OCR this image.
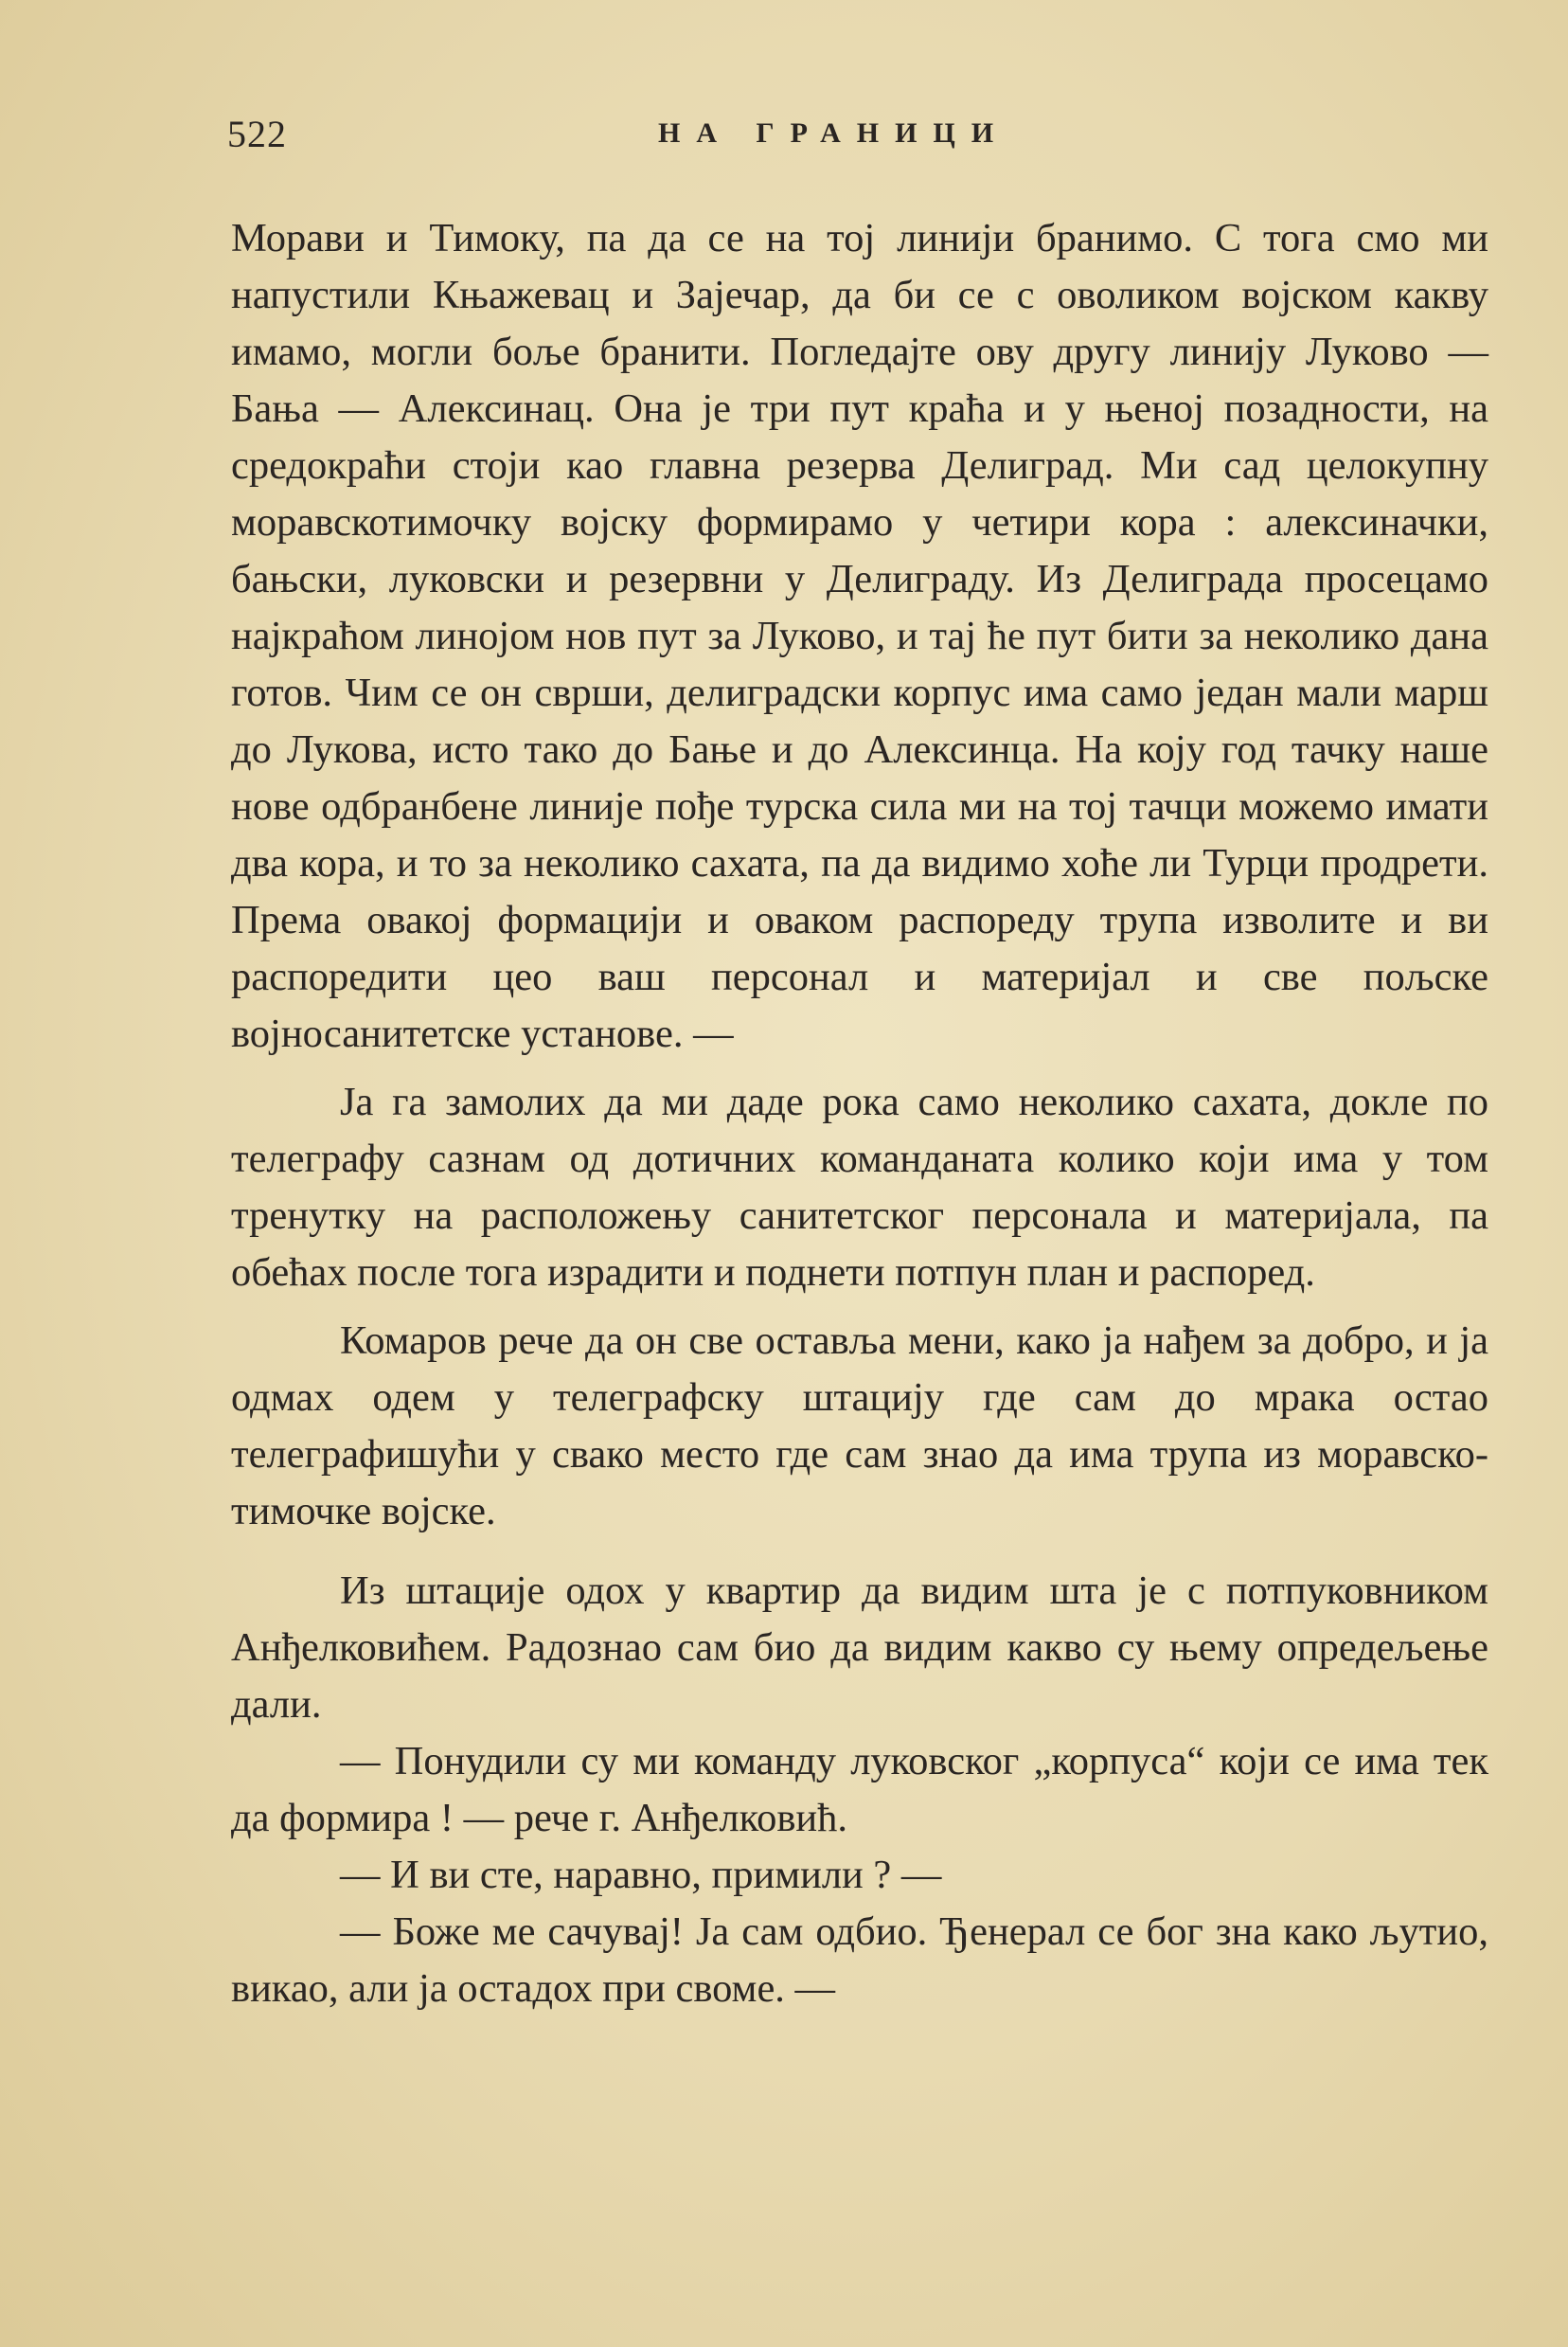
522	НА ГРАНИЦИ

Морави и Тимоку, па да се на тој линији бранимо. С тога смо ми напустили Књажевац и Зајечар, да би се с оволиком војском какву имамо, могли боље бранити. Погледајте ову другу линију Луково — Бања — Алексинац. Она је три пут краћа и у њеној позадности, на средокраћи стоји као главна резерва Делиград. Ми сад целокупну моравскотимочку војску формирамо у четири кора : алексиначки, бањски, луковски и резервни у Делиграду. Из Делиграда просецамо најкраћом линојом нов пут за Луково, и тај ће пут бити за неколико дана готов. Чим се он сврши, делиградски корпус има само један мали марш до Лукова, исто тако до Бање и до Алексинца. На коју год тачку наше нове одбранбене линије пође турска сила ми на тој тачци можемо имати два кора, и то за неколико сахата, па да видимо хоће ли Турци продрети. Према овакој формацији и оваком распореду трупа изволите и ви распоредити цео ваш персонал и материјал и све пољске војносанитетске установе. —

Ја га замолих да ми даде рока само неколико сахата, докле по телеграфу сазнам од дотичних команданата колико који има у том тренутку на расположењу санитетског персонала и материјала, па обећах после тога израдити и поднети потпун план и распоред.

Комаров рече да он све оставља мени, како ја нађем за добро, и ја одмах одем у телеграфску штацију где сам до мрака остао телеграфишући у свако место где сам знао да има трупа из моравско-тимочке војске.

Из штације одох у квартир да видим шта је с потпуковником Анђелковићем. Радознао сам био да видим какво су њему опредељење дали.

— Понудили су ми команду луковског „корпуса“ који се има тек да формира ! — рече г. Анђелковић.

— И ви сте, наравно, примили ? —

— Боже ме сачувај! Ја сам одбио. Ђенерал се бог зна како љутио, викао, али ја остадох при своме. —
